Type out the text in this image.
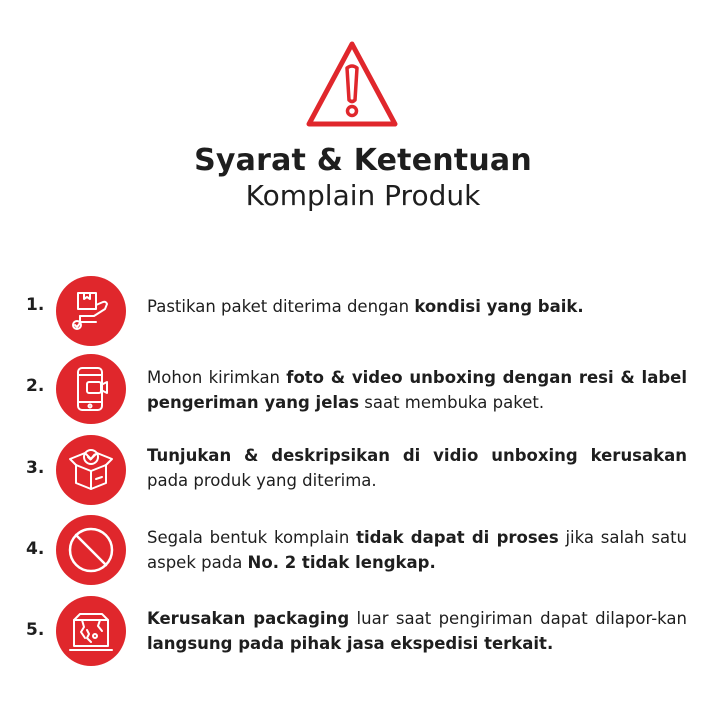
Syarat & Ketentuan
Komplain Produk
1.	Pastikan paket diterima dengan kondisi yang baik.
2.	Mohon kirimkan foto & video unboxing dengan resi & label pengeriman yang jelas saat membuka paket.
3.
Tunjukan & deskripsikan di vidio unboxing kerusakan pada produk yang diterima.
4.
Segala bentuk komplain tidak dapat di proses jika salah satu aspek pada No. 2 tidak lengkap.
5.
Kerusakan packaging luar saat pengiriman dapat dilapor-kan langsung pada pihak jasa ekspedisi terkait.
